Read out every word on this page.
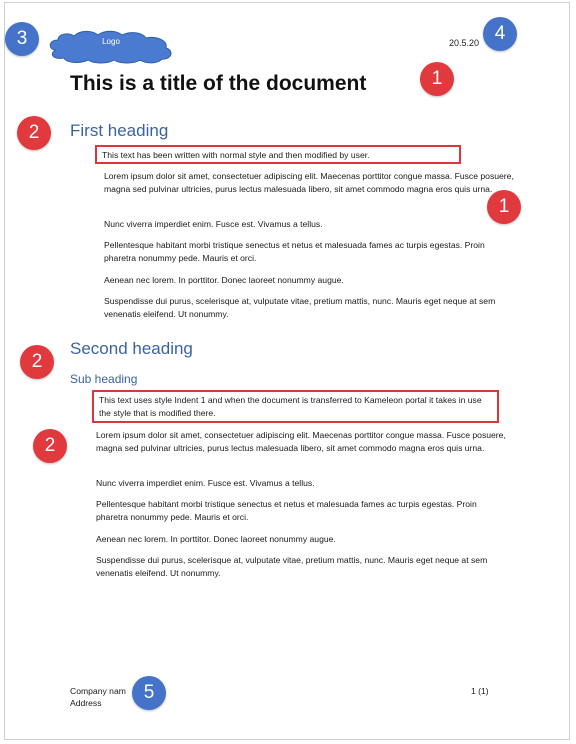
Logo	20.5.20
This is a title of the document
First heading
This text has been written with normal style and then modified by user.
Lorem ipsum dolor sit amet, consectetuer adipiscing elit. Maecenas porttitor congue massa. Fusce posuere, magna sed pulvinar ultricies, purus lectus malesuada libero, sit amet commodo magna eros quis urna.
Nunc viverra imperdiet enim. Fusce est. Vivamus a tellus.
Pellentesque habitant morbi tristique senectus et netus et malesuada fames ac turpis egestas. Proin pharetra nonummy pede. Mauris et orci.
Aenean nec lorem. In porttitor. Donec laoreet nonummy augue.
Suspendisse dui purus, scelerisque at, vulputate vitae, pretium mattis, nunc. Mauris eget neque at sem venenatis eleifend. Ut nonummy.
Second heading
Sub heading
This text uses style Indent 1 and when the document is transferred to Kameleon portal it takes in use the style that is modified there.
Lorem ipsum dolor sit amet, consectetuer adipiscing elit. Maecenas porttitor congue massa. Fusce posuere, magna sed pulvinar ultricies, purus lectus malesuada libero, sit amet commodo magna eros quis urna.
Nunc viverra imperdiet enim. Fusce est. Vivamus a tellus.
Pellentesque habitant morbi tristique senectus et netus et malesuada fames ac turpis egestas. Proin pharetra nonummy pede. Mauris et orci.
Aenean nec lorem. In porttitor. Donec laoreet nonummy augue.
Suspendisse dui purus, scelerisque at, vulputate vitae, pretium mattis, nunc. Mauris eget neque at sem venenatis eleifend. Ut nonummy.
Company nam
Address
1 (1)
3	4
1
2
1
2
2
5
